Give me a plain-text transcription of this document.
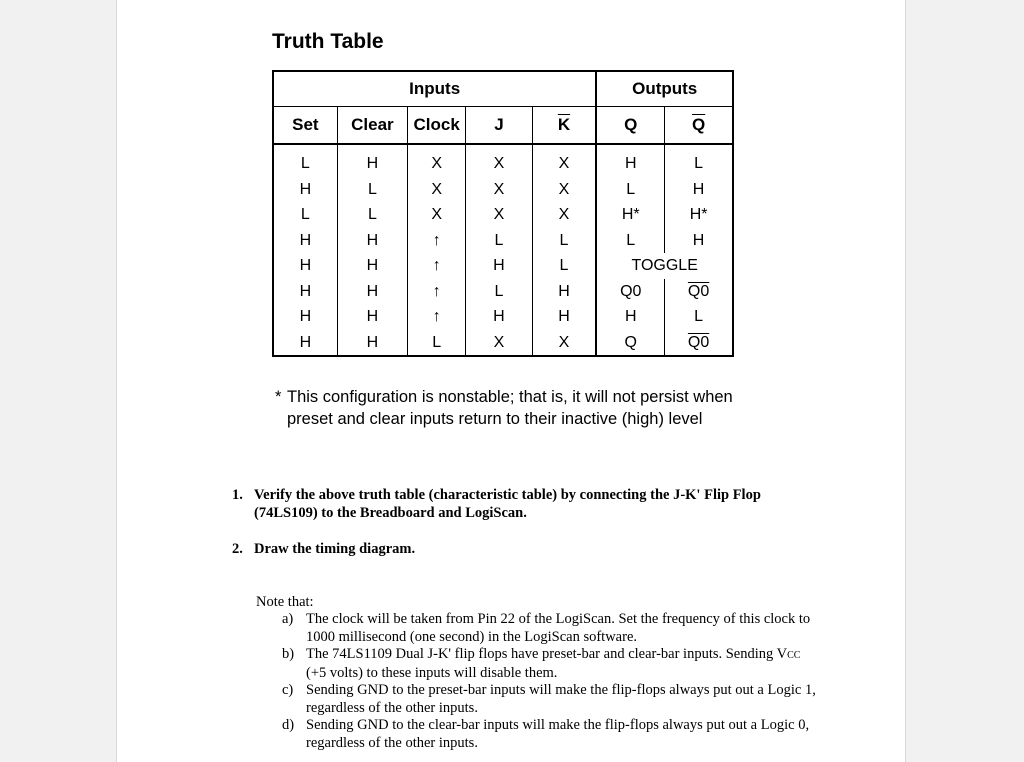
Truth Table
Inputs					Outputs	
Set	Clear	Clock	J	$\overline{K}$	Q	$\overline{Q}$
L	H	X	X	X	H	L
H	L	X	X	X	L	H
L	L	X	X	X	H*	H*
H	H	↑	L	L	L	H
H	H	↑	H	L	TOGGLE	
H	H	↑	L	H	Q0	Q0
H	H	↑	H	H	H	L
H	H	L	X	X	Q	Q0
* This configuration is nonstable; that is, it will not persist when preset and clear inputs return to their inactive (high) level
1. Verify the above truth table (characteristic table) by connecting the J-K' Flip Flop (74LS109) to the Breadboard and LogiScan.
2. Draw the timing diagram.
Note that:
a) The clock will be taken from Pin 22 of the LogiScan. Set the frequency of this clock to 1000 millisecond (one second) in the LogiScan software.
b) The 74LS1109 Dual J-K' flip flops have preset-bar and clear-bar inputs. Sending VCC (+5 volts) to these inputs will disable them.
c) Sending GND to the preset-bar inputs will make the flip-flops always put out a Logic 1, regardless of the other inputs.
d) Sending GND to the clear-bar inputs will make the flip-flops always put out a Logic 0, regardless of the other inputs.
